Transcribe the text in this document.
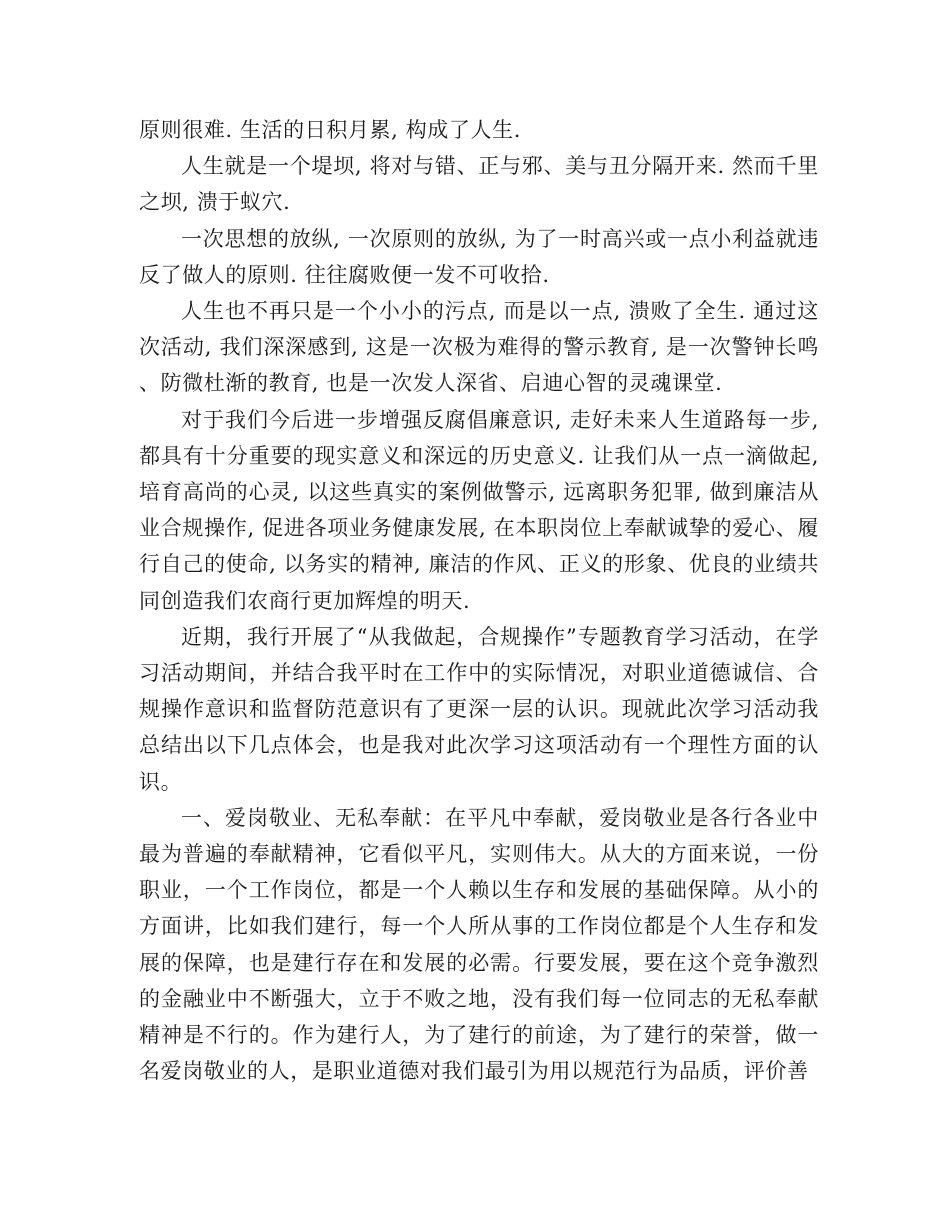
原则很难. 生活的日积月累, 构成了人生.

人生就是一个堤坝, 将对与错、正与邪、美与丑分隔开来. 然而千里之坝, 溃于蚁穴.

一次思想的放纵, 一次原则的放纵, 为了一时高兴或一点小利益就违反了做人的原则. 往往腐败便一发不可收拾.

人生也不再只是一个小小的污点, 而是以一点, 溃败了全生. 通过这次活动, 我们深深感到, 这是一次极为难得的警示教育, 是一次警钟长鸣、防微杜渐的教育, 也是一次发人深省、启迪心智的灵魂课堂.

对于我们今后进一步增强反腐倡廉意识, 走好未来人生道路每一步, 都具有十分重要的现实意义和深远的历史意义. 让我们从一点一滴做起, 培育高尚的心灵, 以这些真实的案例做警示, 远离职务犯罪, 做到廉洁从业合规操作, 促进各项业务健康发展, 在本职岗位上奉献诚挚的爱心、履行自己的使命, 以务实的精神, 廉洁的作风、正义的形象、优良的业绩共同创造我们农商行更加辉煌的明天.

近期，我行开展了“从我做起，合规操作”专题教育学习活动，在学习活动期间，并结合我平时在工作中的实际情况，对职业道德诚信、合规操作意识和监督防范意识有了更深一层的认识。现就此次学习活动我总结出以下几点体会，也是我对此次学习这项活动有一个理性方面的认识。

一、爱岗敬业、无私奉献：在平凡中奉献，爱岗敬业是各行各业中最为普遍的奉献精神，它看似平凡，实则伟大。从大的方面来说，一份职业，一个工作岗位，都是一个人赖以生存和发展的基础保障。从小的方面讲，比如我们建行，每一个人所从事的工作岗位都是个人生存和发展的保障，也是建行存在和发展的必需。行要发展，要在这个竞争激烈的金融业中不断强大，立于不败之地，没有我们每一位同志的无私奉献精神是不行的。作为建行人，为了建行的前途，为了建行的荣誉，做一名爱岗敬业的人，是职业道德对我们最引为用以规范行为品质，评价善
